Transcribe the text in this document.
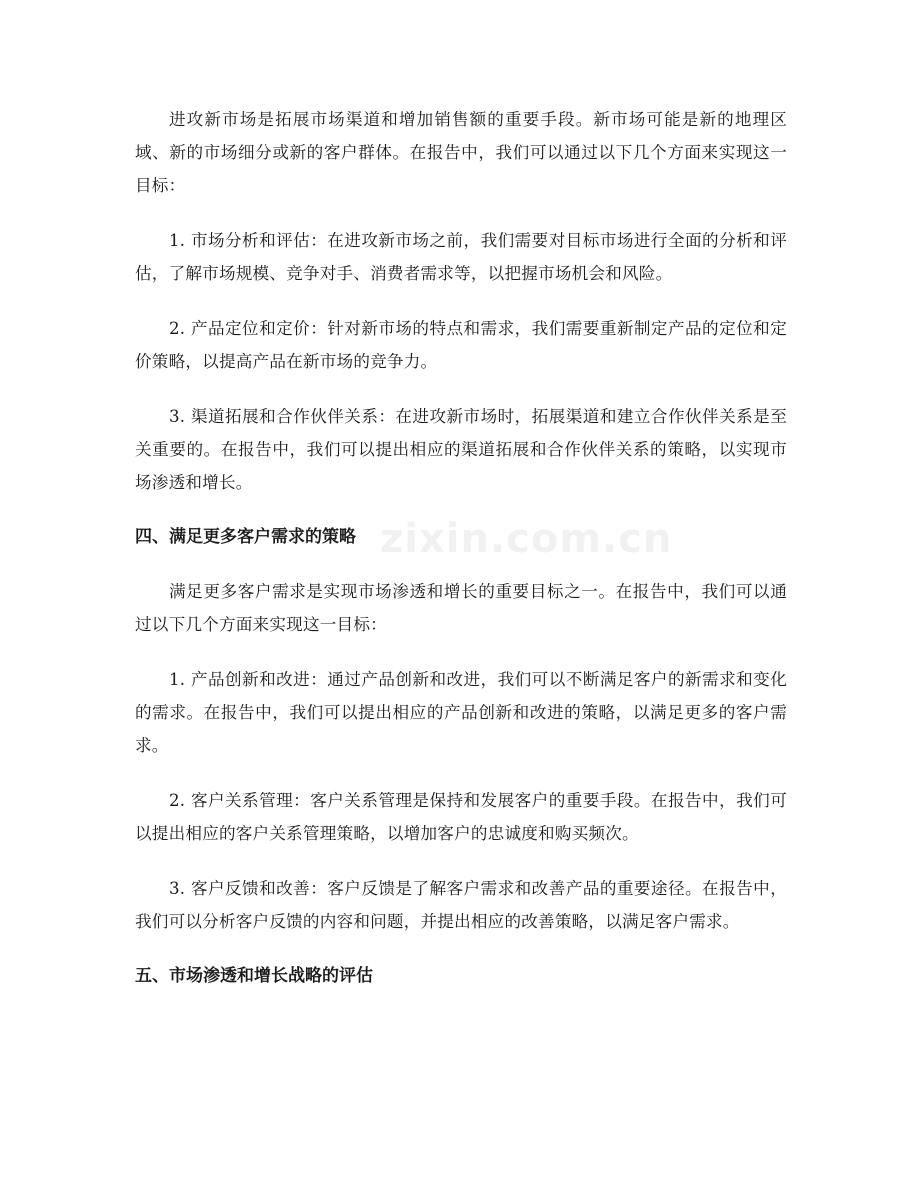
zixin.com.cn

进攻新市场是拓展市场渠道和增加销售额的重要手段。新市场可能是新的地理区域、新的市场细分或新的客户群体。在报告中，我们可以通过以下几个方面来实现这一目标：

1. 市场分析和评估：在进攻新市场之前，我们需要对目标市场进行全面的分析和评估，了解市场规模、竞争对手、消费者需求等，以把握市场机会和风险。

2. 产品定位和定价：针对新市场的特点和需求，我们需要重新制定产品的定位和定价策略，以提高产品在新市场的竞争力。

3. 渠道拓展和合作伙伴关系：在进攻新市场时，拓展渠道和建立合作伙伴关系是至关重要的。在报告中，我们可以提出相应的渠道拓展和合作伙伴关系的策略，以实现市场渗透和增长。

四、满足更多客户需求的策略

满足更多客户需求是实现市场渗透和增长的重要目标之一。在报告中，我们可以通过以下几个方面来实现这一目标：

1. 产品创新和改进：通过产品创新和改进，我们可以不断满足客户的新需求和变化的需求。在报告中，我们可以提出相应的产品创新和改进的策略，以满足更多的客户需求。

2. 客户关系管理：客户关系管理是保持和发展客户的重要手段。在报告中，我们可以提出相应的客户关系管理策略，以增加客户的忠诚度和购买频次。

3. 客户反馈和改善：客户反馈是了解客户需求和改善产品的重要途径。在报告中，我们可以分析客户反馈的内容和问题，并提出相应的改善策略，以满足客户需求。

五、市场渗透和增长战略的评估
